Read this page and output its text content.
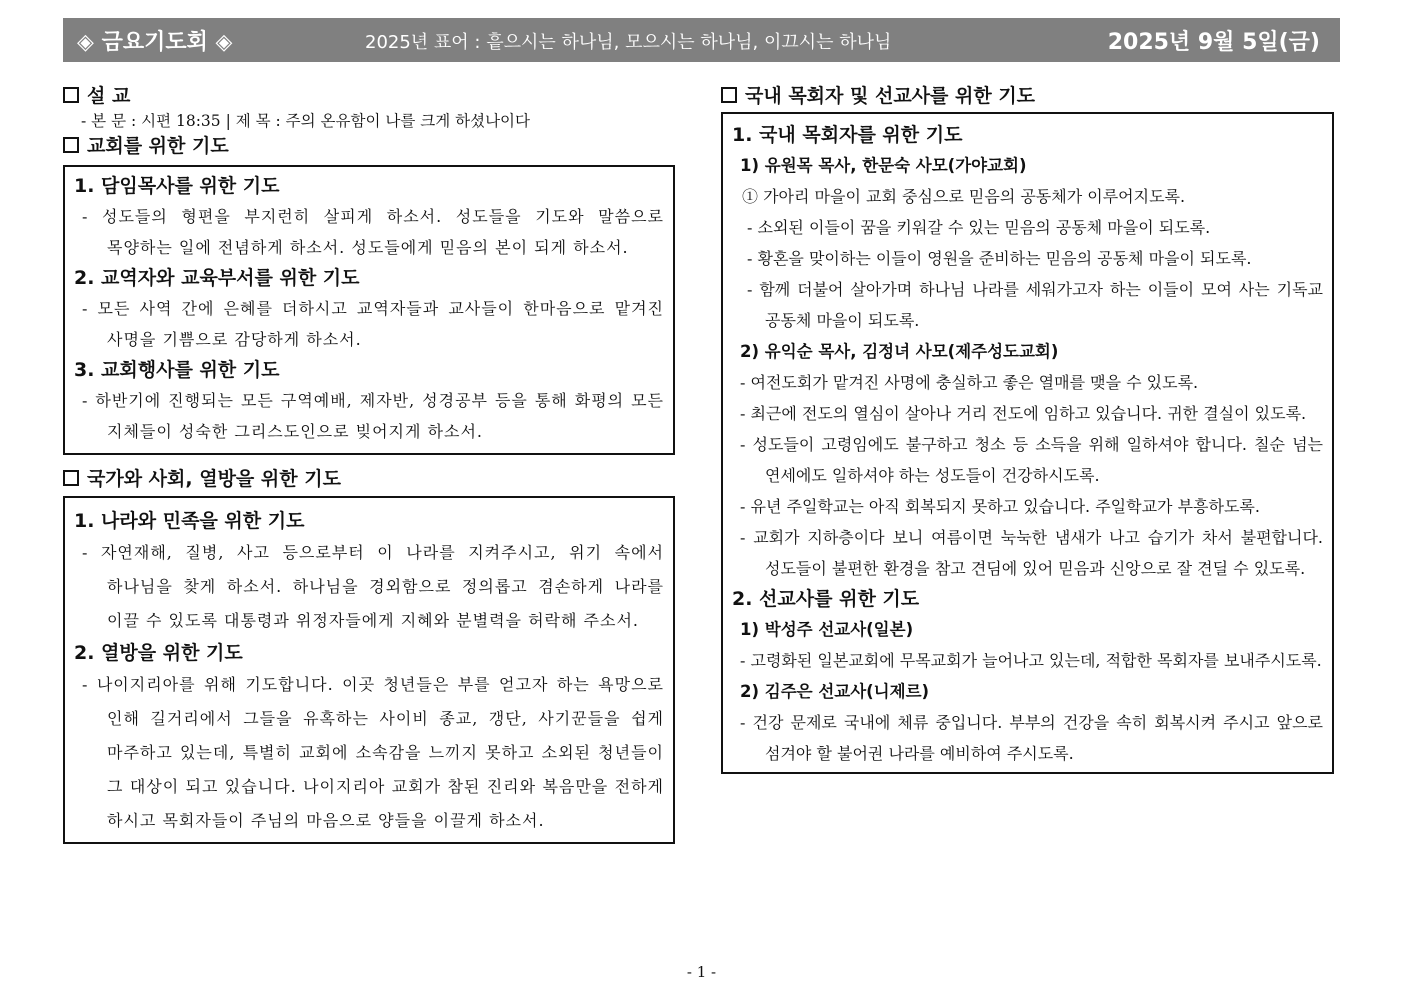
◈ 금요기도회 ◈	2025년 표어 : 흩으시는 하나님, 모으시는 하나님, 이끄시는 하나님	2025년 9월 5일(금)
설 교
- 본 문 : 시편 18:35 | 제 목 : 주의 온유함이 나를 크게 하셨나이다
교회를 위한 기도
1. 담임목사를 위한 기도
- 성도들의 형편을 부지런히 살피게 하소서. 성도들을 기도와 말씀으로 목양하는 일에 전념하게 하소서. 성도들에게 믿음의 본이 되게 하소서.
2. 교역자와 교육부서를 위한 기도
- 모든 사역 간에 은혜를 더하시고 교역자들과 교사들이 한마음으로 맡겨진 사명을 기쁨으로 감당하게 하소서.
3. 교회행사를 위한 기도
- 하반기에 진행되는 모든 구역예배, 제자반, 성경공부 등을 통해 화평의 모든 지체들이 성숙한 그리스도인으로 빚어지게 하소서.
국가와 사회, 열방을 위한 기도
1. 나라와 민족을 위한 기도
- 자연재해, 질병, 사고 등으로부터 이 나라를 지켜주시고, 위기 속에서 하나님을 찾게 하소서. 하나님을 경외함으로 정의롭고 겸손하게 나라를 이끌 수 있도록 대통령과 위정자들에게 지혜와 분별력을 허락해 주소서.
2. 열방을 위한 기도
- 나이지리아를 위해 기도합니다. 이곳 청년들은 부를 얻고자 하는 욕망으로 인해 길거리에서 그들을 유혹하는 사이비 종교, 갱단, 사기꾼들을 쉽게 마주하고 있는데, 특별히 교회에 소속감을 느끼지 못하고 소외된 청년들이 그 대상이 되고 있습니다. 나이지리아 교회가 참된 진리와 복음만을 전하게 하시고 목회자들이 주님의 마음으로 양들을 이끌게 하소서.
국내 목회자 및 선교사를 위한 기도
1. 국내 목회자를 위한 기도
1) 유원목 목사, 한문숙 사모(가야교회)
① 가아리 마을이 교회 중심으로 믿음의 공동체가 이루어지도록.
- 소외된 이들이 꿈을 키워갈 수 있는 믿음의 공동체 마을이 되도록.
- 황혼을 맞이하는 이들이 영원을 준비하는 믿음의 공동체 마을이 되도록.
- 함께 더불어 살아가며 하나님 나라를 세워가고자 하는 이들이 모여 사는 기독교 공동체 마을이 되도록.
2) 유익순 목사, 김정녀 사모(제주성도교회)
- 여전도회가 맡겨진 사명에 충실하고 좋은 열매를 맺을 수 있도록.
- 최근에 전도의 열심이 살아나 거리 전도에 임하고 있습니다. 귀한 결실이 있도록.
- 성도들이 고령임에도 불구하고 청소 등 소득을 위해 일하셔야 합니다. 칠순 넘는 연세에도 일하셔야 하는 성도들이 건강하시도록.
- 유년 주일학교는 아직 회복되지 못하고 있습니다. 주일학교가 부흥하도록.
- 교회가 지하층이다 보니 여름이면 눅눅한 냄새가 나고 습기가 차서 불편합니다. 성도들이 불편한 환경을 참고 견딤에 있어 믿음과 신앙으로 잘 견딜 수 있도록.
2. 선교사를 위한 기도
1) 박성주 선교사(일본)
- 고령화된 일본교회에 무목교회가 늘어나고 있는데, 적합한 목회자를 보내주시도록.
2) 김주은 선교사(니제르)
- 건강 문제로 국내에 체류 중입니다. 부부의 건강을 속히 회복시켜 주시고 앞으로 섬겨야 할 불어권 나라를 예비하여 주시도록.
- 1 -
